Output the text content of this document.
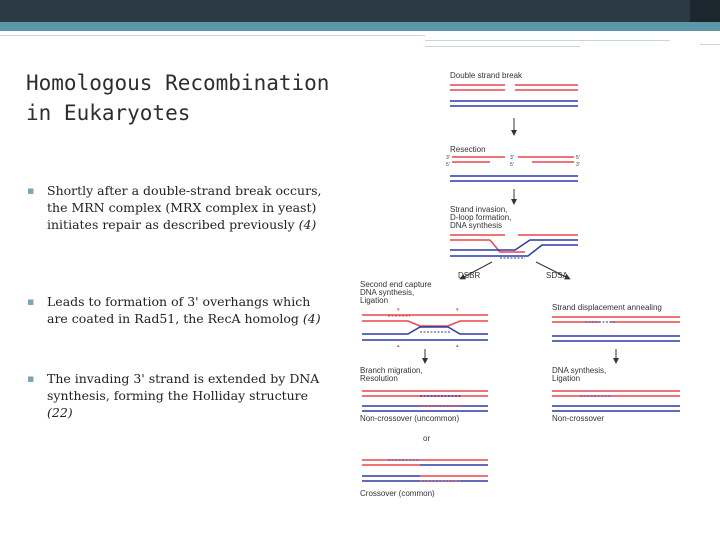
Homologous Recombination
in Eukaryotes
▪ Shortly after a double-strand break occurs, the MRN complex (MRX complex in yeast) initiates repair as described previously (4)
▪ Leads to formation of 3' overhangs which are coated in Rad51, the RecA homolog (4)
▪ The invading 3' strand is extended by DNA synthesis, forming the Holliday structure (22)
Double strand break
Resection
3'
5'
3'
5'
5'
3'
Strand invasion,
D-loop formation,
DNA synthesis
DSBR	SDSA
Second end capture
DNA synthesis,
Ligation
▾	▾
▴	▴
Branch migration,
Resolution
Non-crossover (uncommon)
or
Crossover (common)
Strand displacement annealing
DNA synthesis,
Ligation
Non-crossover
